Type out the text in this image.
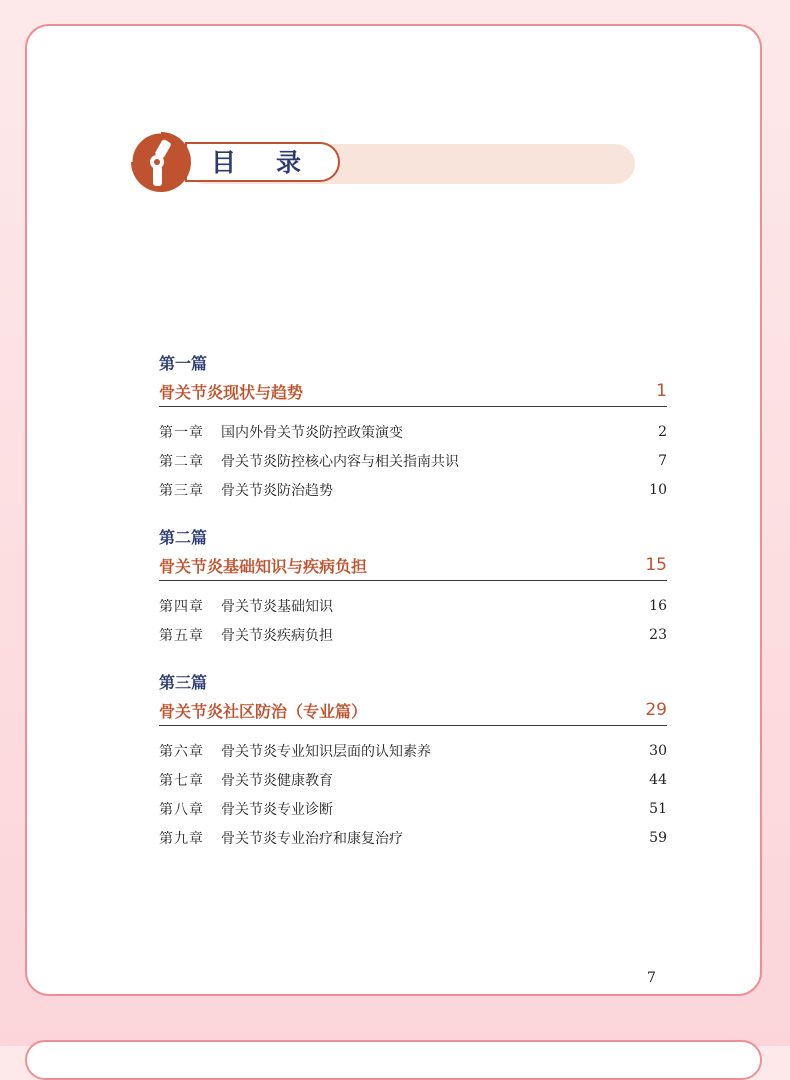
目录
第一篇
骨关节炎现状与趋势	1
第一章	国内外骨关节炎防控政策演变	2
第二章	骨关节炎防控核心内容与相关指南共识	7
第三章	骨关节炎防治趋势	10
第二篇
骨关节炎基础知识与疾病负担	15
第四章	骨关节炎基础知识	16
第五章	骨关节炎疾病负担	23
第三篇
骨关节炎社区防治（专业篇）	29
第六章	骨关节炎专业知识层面的认知素养	30
第七章	骨关节炎健康教育	44
第八章	骨关节炎专业诊断	51
第九章	骨关节炎专业治疗和康复治疗	59
7
